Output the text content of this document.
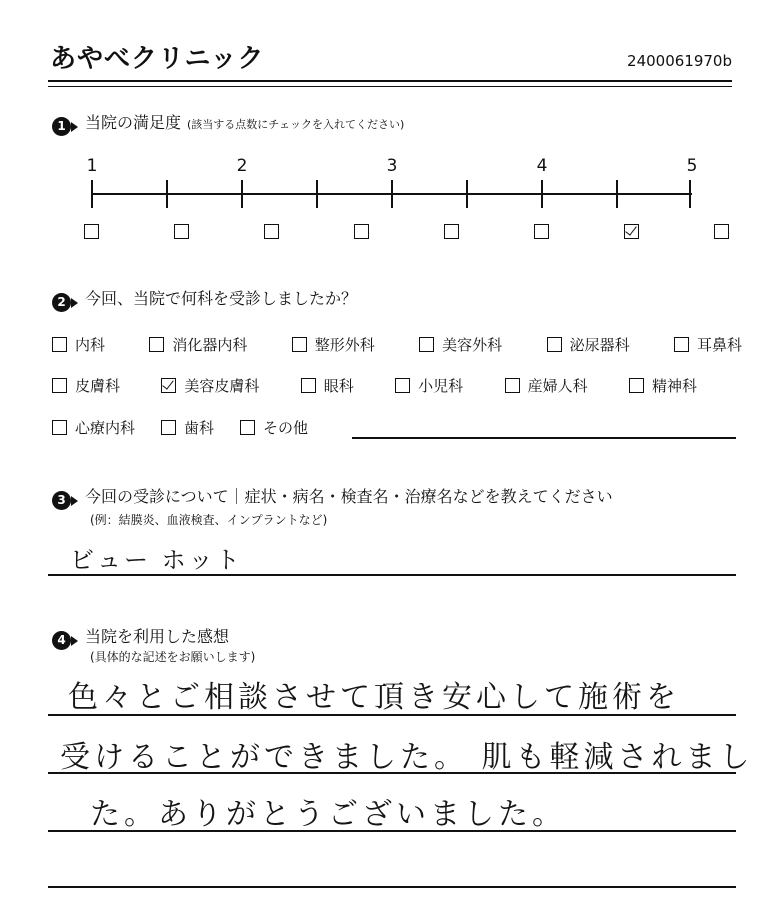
あやべクリニック	2400061970b
1	当院の満足度 (該当する点数にチェックを入れてください)
1	2	3	4	5
2	今回、当院で何科を受診しましたか？
内科	消化器内科	整形外科	美容外科	泌尿器科	耳鼻科
皮膚科	美容皮膚科	眼科	小児科	産婦人科	精神科
心療内科	歯科	その他
3	今回の受診について｜症状・病名・検査名・治療名などを教えてください
(例：結膜炎、血液検査、インプラントなど)
ビュー ホット
4	当院を利用した感想
(具体的な記述をお願いします)
色々とご相談させて頂き安心して施術を
受けることができました。 肌も軽減されまし
た。ありがとうございました。
